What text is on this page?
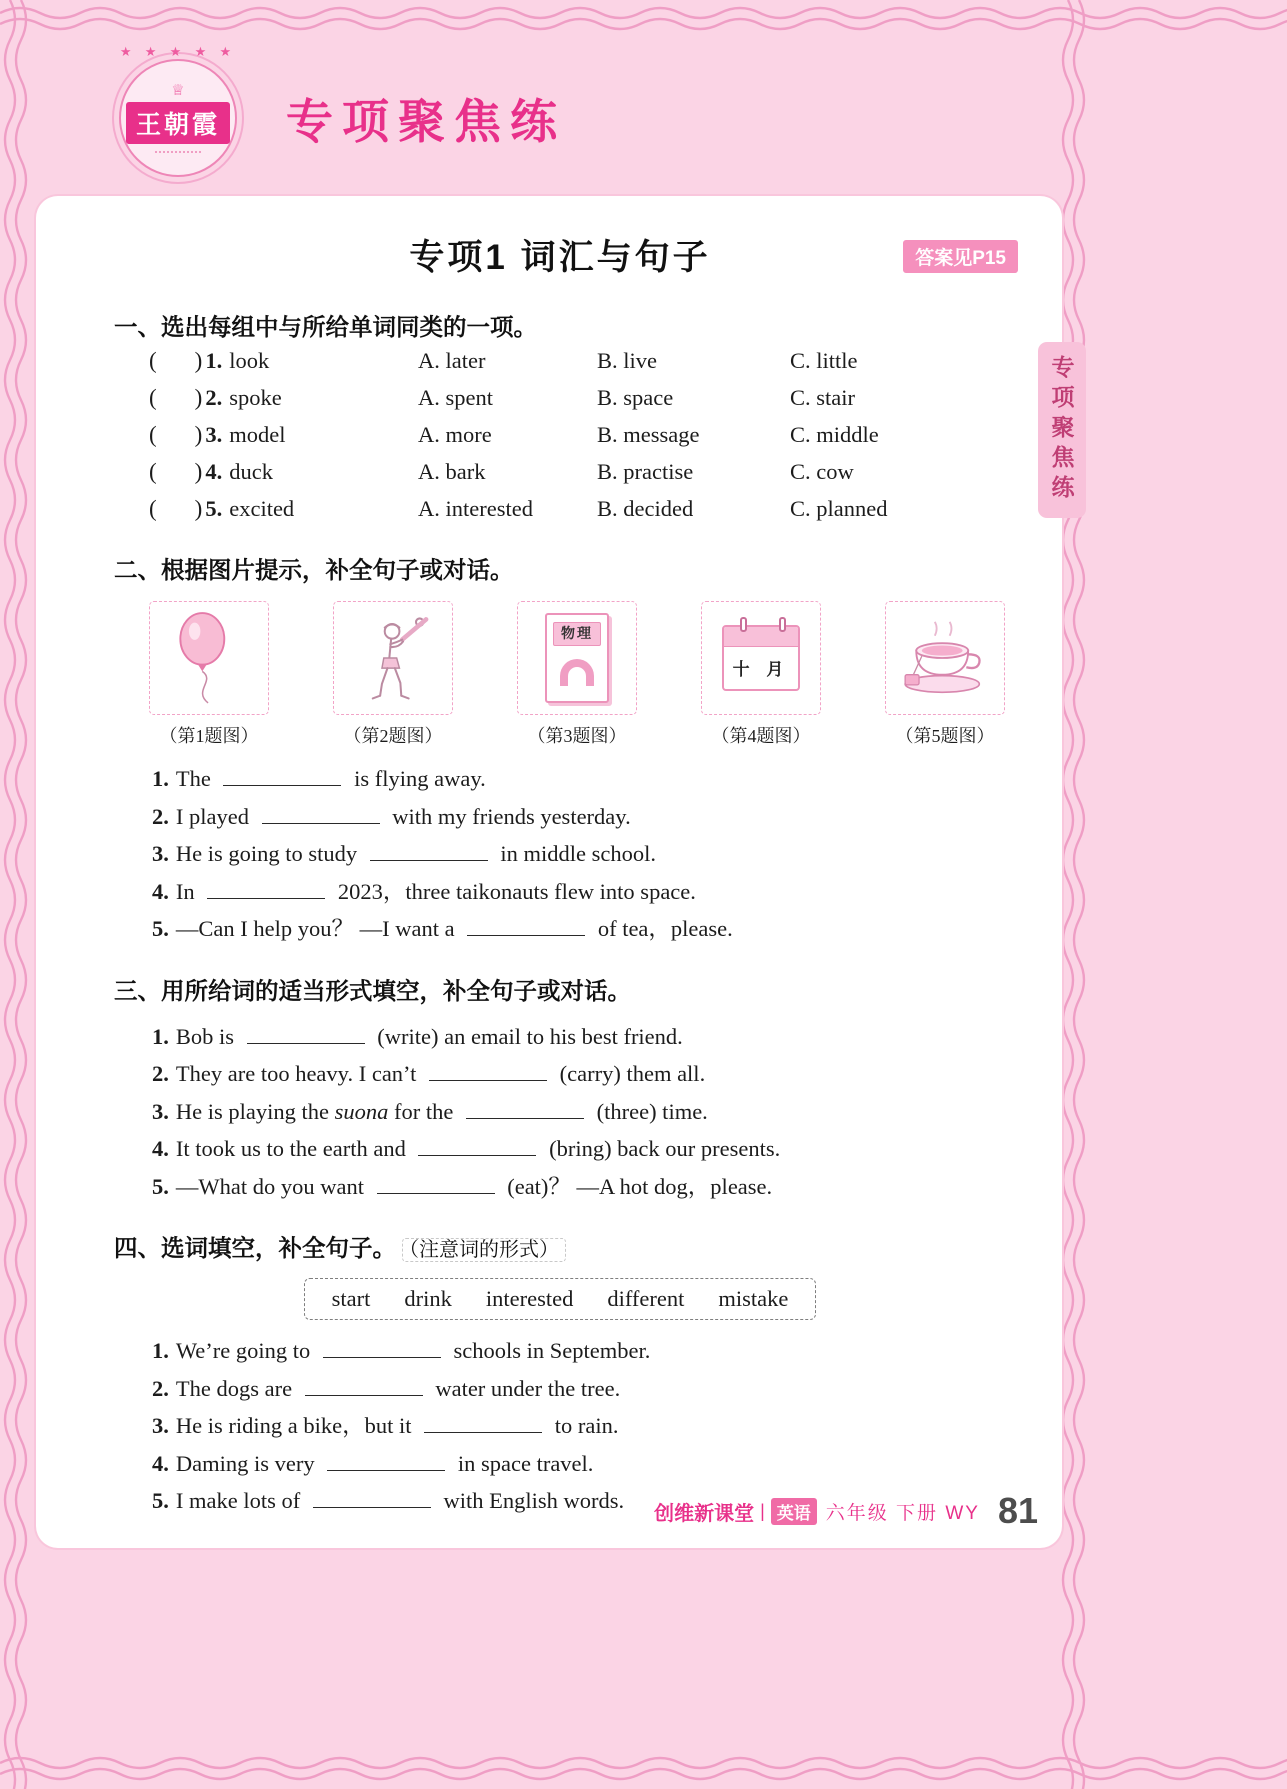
★ ★ ★ ★ ★
♕
王朝霞 专项聚焦练
专项聚焦练
专项1 词汇与句子	答案见P15
一、选出每组中与所给单词同类的一项。
( ) 1. look	A. later	B. live	C. little
( ) 2. spoke	A. spent	B. space	C. stair
( ) 3. model	A. more	B. message	C. middle
( ) 4. duck	A. bark	B. practise	C. cow
( ) 5. excited	A. interested	B. decided	C. planned
二、根据图片提示，补全句子或对话。
（第1题图）	（第2题图）
物理
（第3题图）
十 月
（第4题图）	（第5题图）
1. The	is flying away.
2. I played	with my friends yesterday.
3. He is going to study	in middle school.
4. In	2023，three taikonauts flew into space.
5. —Can I help you？ —I want a	of tea，please.
三、用所给词的适当形式填空，补全句子或对话。
1. Bob is	(write) an email to his best friend.
2. They are too heavy. I can’t	(carry) them all.
3. He is playing the suona for the	(three) time.
4. It took us to the earth and	(bring) back our presents.
5. —What do you want	(eat)？ —A hot dog，please.
四、选词填空，补全句子。 （注意词的形式）
start drink interested different mistake
1. We’re going to	schools in September.
2. The dogs are	water under the tree.
3. He is riding a bike，but it	to rain.
4. Daming is very	in space travel.
5. I make lots of	with English words.
创维新课堂 | 英语 六年级 下册 WY 81
